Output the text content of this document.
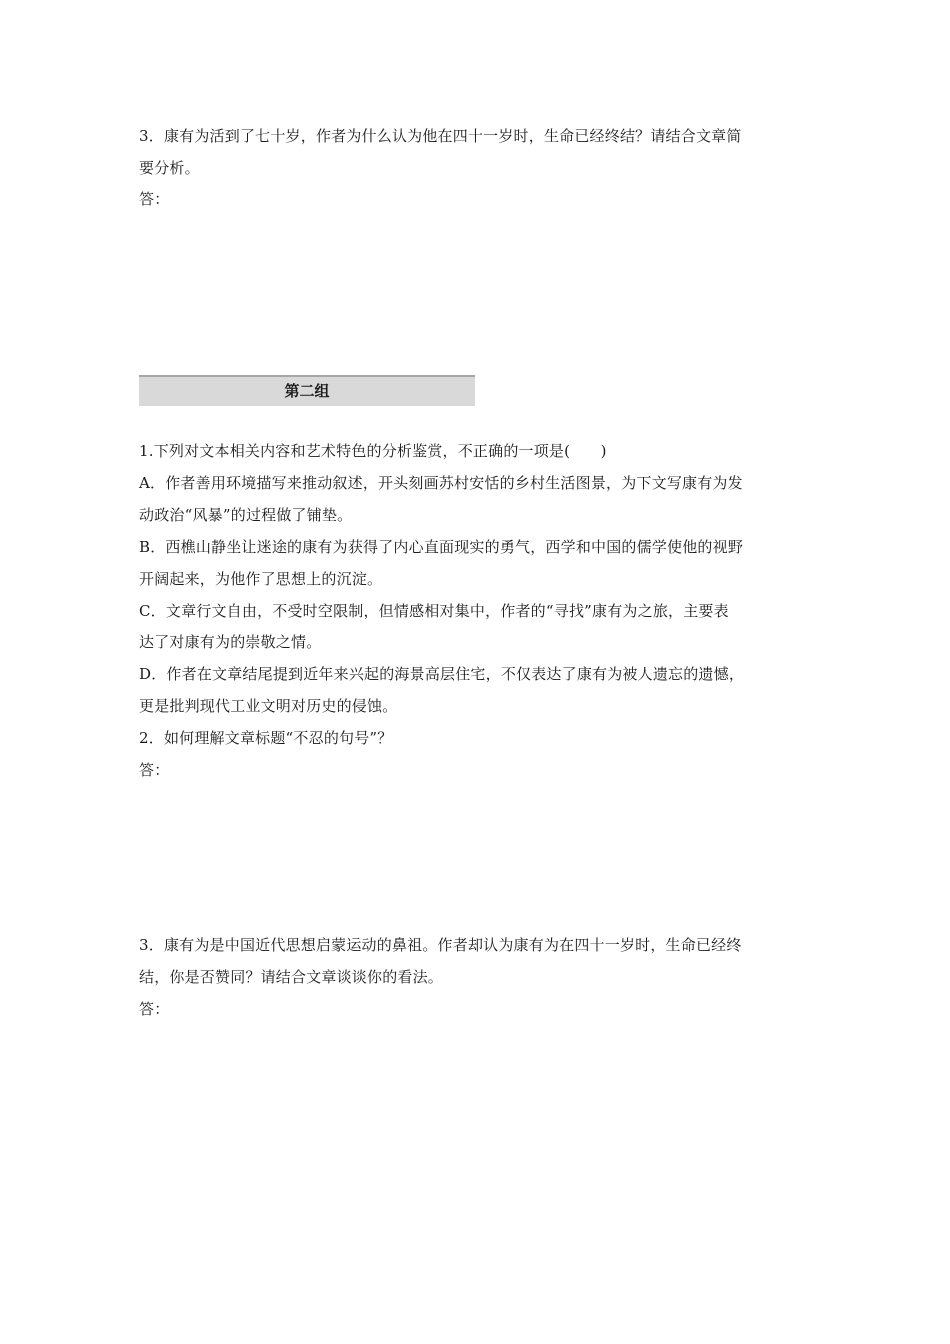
3．康有为活到了七十岁，作者为什么认为他在四十一岁时，生命已经终结？请结合文章简
要分析。
答：
第二组
1.下列对文本相关内容和艺术特色的分析鉴赏，不正确的一项是(　　)
A．作者善用环境描写来推动叙述，开头刻画苏村安恬的乡村生活图景，为下文写康有为发
动政治“风暴”的过程做了铺垫。
B．西樵山静坐让迷途的康有为获得了内心直面现实的勇气，西学和中国的儒学使他的视野
开阔起来，为他作了思想上的沉淀。
C．文章行文自由，不受时空限制，但情感相对集中，作者的“寻找”康有为之旅，主要表
达了对康有为的崇敬之情。
D．作者在文章结尾提到近年来兴起的海景高层住宅，不仅表达了康有为被人遗忘的遗憾，
更是批判现代工业文明对历史的侵蚀。
2．如何理解文章标题“不忍的句号”？
答：
3．康有为是中国近代思想启蒙运动的鼻祖。作者却认为康有为在四十一岁时，生命已经终
结，你是否赞同？请结合文章谈谈你的看法。
答：
